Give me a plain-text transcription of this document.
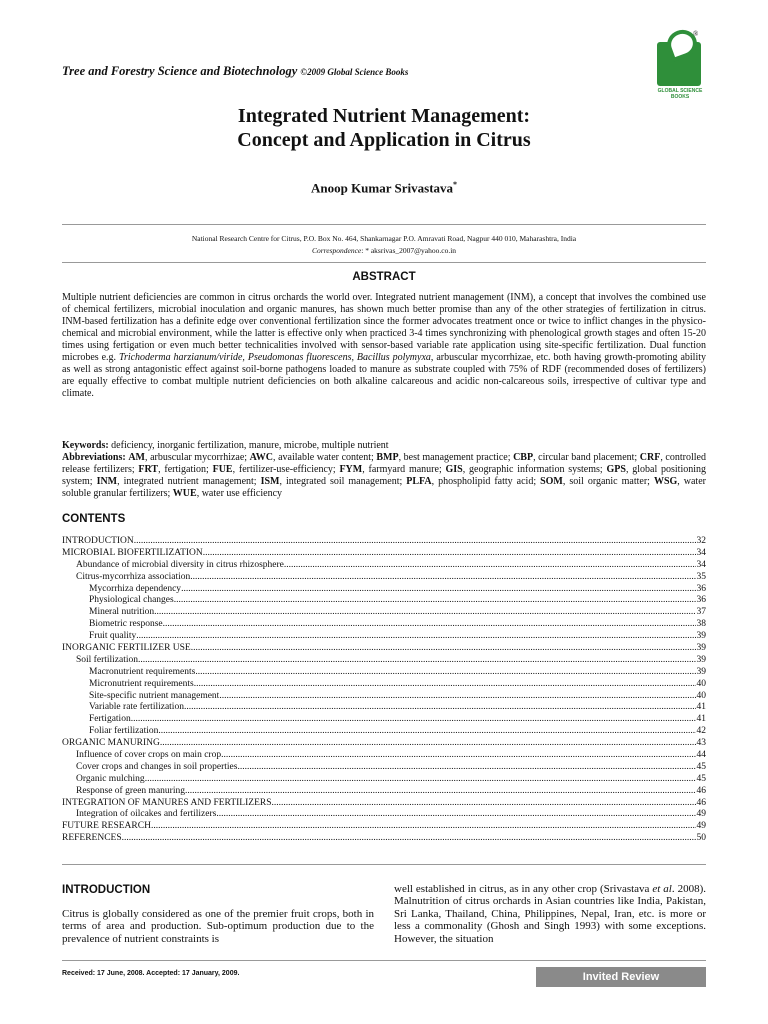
Tree and Forestry Science and Biotechnology ©2009 Global Science Books
®
GLOBAL SCIENCE
BOOKS
Integrated Nutrient Management:
Concept and Application in Citrus
Anoop Kumar Srivastava*
National Research Centre for Citrus, P.O. Box No. 464, Shankarnagar P.O. Amravati Road, Nagpur 440 010, Maharashtra, India
Correspondence: * aksrivas_2007@yahoo.co.in
ABSTRACT
Multiple nutrient deficiencies are common in citrus orchards the world over. Integrated nutrient management (INM), a concept that involves the combined use of chemical fertilizers, microbial inoculation and organic manures, has shown much better promise than any of the other strategies of fertilization in citrus. INM-based fertilization has a definite edge over conventional fertilization since the former advocates treatment once or twice to inflict changes in the physico-chemical and microbial environment, while the latter is effective only when practiced 3-4 times synchronizing with phenological growth stages and often 15-20 times using fertigation or even much better technicalities involved with sensor-based variable rate application using site-specific fertilization. Dual function microbes e.g. Trichoderma harzianum/viride, Pseudomonas fluorescens, Bacillus polymyxa, arbuscular mycorrhizae, etc. both having growth-promoting ability as well as strong antagonistic effect against soil-borne pathogens loaded to manure as substrate coupled with 75% of RDF (recommended doses of fertilizers) are equally effective to combat multiple nutrient deficiencies on both alkaline calcareous and acidic non-calcareous soils, irrespective of cultivar type and climate.
Keywords: deficiency, inorganic fertilization, manure, microbe, multiple nutrient
Abbreviations: AM, arbuscular mycorrhizae; AWC, available water content; BMP, best management practice; CBP, circular band placement; CRF, controlled release fertilizers; FRT, fertigation; FUE, fertilizer-use-efficiency; FYM, farmyard manure; GIS, geographic information systems; GPS, global positioning system; INM, integrated nutrient management; ISM, integrated soil management; PLFA, phospholipid fatty acid; SOM, soil organic matter; WSG, water soluble granular fertilizers; WUE, water use efficiency
CONTENTS
INTRODUCTION .....	32
MICROBIAL BIOFERTILIZATION .....	34
Abundance of microbial diversity in citrus rhizosphere .....	34
Citrus-mycorrhiza association .....	35
Mycorrhiza dependency .....	36
Physiological changes .....	36
Mineral nutrition .....	37
Biometric response .....	38
Fruit quality .....	39
INORGANIC FERTILIZER USE .....	39
Soil fertilization .....	39
Macronutrient requirements .....	39
Micronutrient requirements .....	40
Site-specific nutrient management .....	40
Variable rate fertilization .....	41
Fertigation .....	41
Foliar fertilization .....	42
ORGANIC MANURING .....	43
Influence of cover crops on main crop .....	44
Cover crops and changes in soil properties .....	45
Organic mulching .....	45
Response of green manuring .....	46
INTEGRATION OF MANURES AND FERTILIZERS .....	46
Integration of oilcakes and fertilizers .....	49
FUTURE RESEARCH .....	49
REFERENCES .....	50
INTRODUCTION
Citrus is globally considered as one of the premier fruit crops, both in terms of area and production. Sub-optimum production due to the prevalence of nutrient constraints is
well established in citrus, as in any other crop (Srivastava et al. 2008). Malnutrition of citrus orchards in Asian countries like India, Pakistan, Sri Lanka, Thailand, China, Philippines, Nepal, Iran, etc. is more or less a commonality (Ghosh and Singh 1993) with some exceptions. However, the situation
Received: 17 June, 2008. Accepted: 17 January, 2009.	Invited Review
